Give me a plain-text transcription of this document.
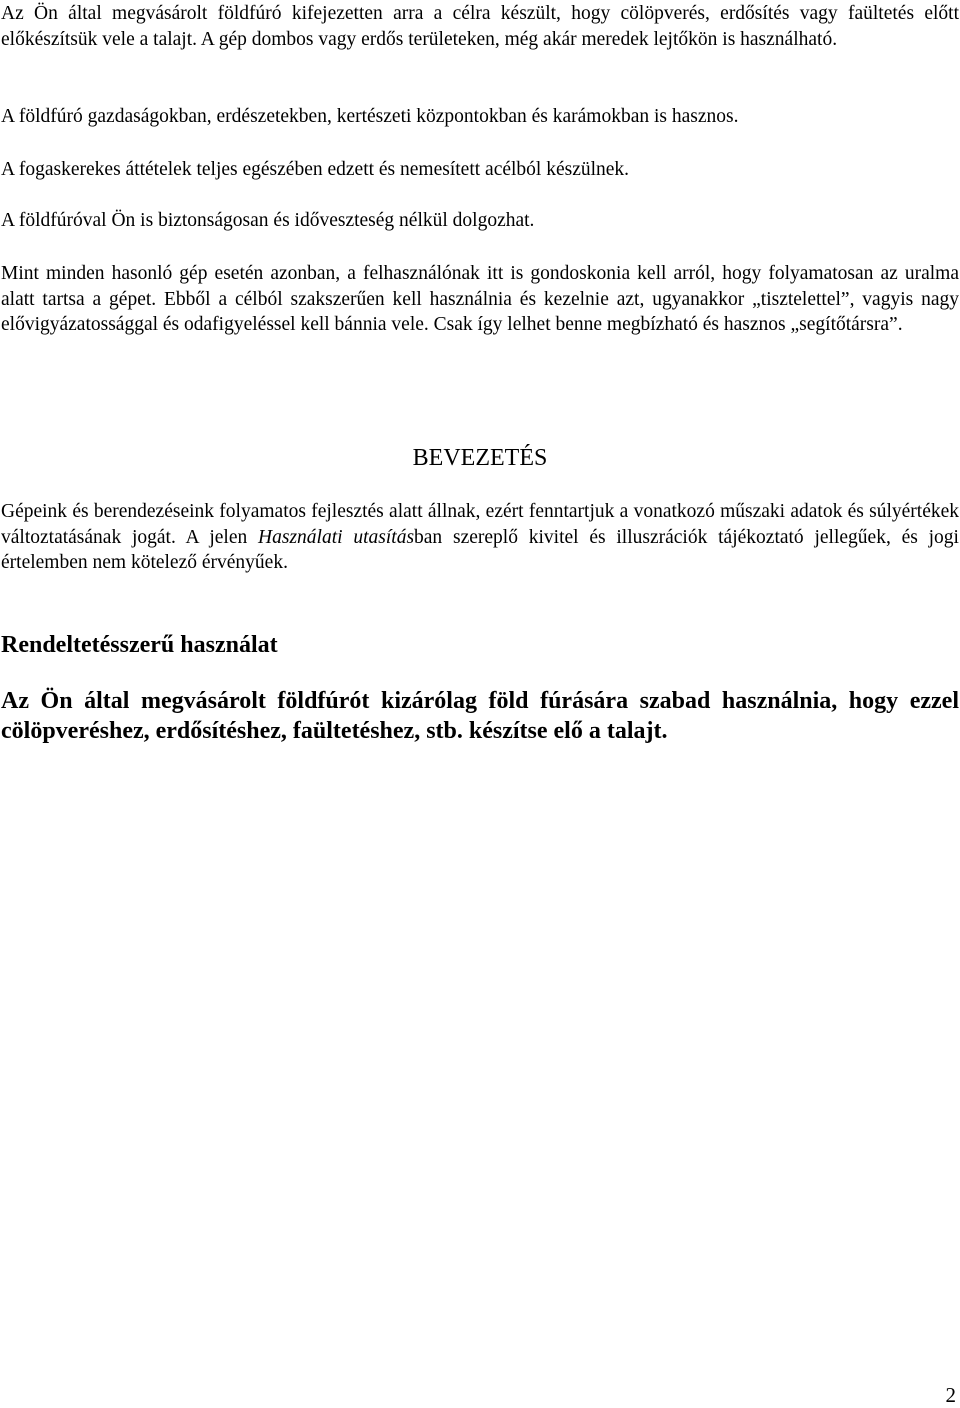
Az Ön által megvásárolt földfúró kifejezetten arra a célra készült, hogy cölöpverés, erdősítés vagy faültetés előtt előkészítsük vele a talajt. A gép dombos vagy erdős területeken, még akár meredek lejtőkön is használható.

A földfúró gazdaságokban, erdészetekben, kertészeti központokban és karámokban is hasznos.

A fogaskerekes áttételek teljes egészében edzett és nemesített acélból készülnek.

A földfúróval Ön is biztonságosan és időveszteség nélkül dolgozhat.

Mint minden hasonló gép esetén azonban, a felhasználónak itt is gondoskonia kell arról, hogy folyamatosan az uralma alatt tartsa a gépet. Ebből a célból szakszerűen kell használnia és kezelnie azt, ugyanakkor „tisztelettel”, vagyis nagy elővigyázatossággal és odafigyeléssel kell bánnia vele. Csak így lelhet benne megbízható és hasznos „segítőtársra”.

BEVEZETÉS

Gépeink és berendezéseink folyamatos fejlesztés alatt állnak, ezért fenntartjuk a vonatkozó műszaki adatok és súlyértékek változtatásának jogát. A jelen Használati utasításban szereplő kivitel és illuszrációk tájékoztató jellegűek, és jogi értelemben nem kötelező érvényűek.

Rendeltetésszerű használat

Az Ön által megvásárolt földfúrót kizárólag föld fúrására szabad használnia, hogy ezzel cölöpveréshez, erdősítéshez, faültetéshez, stb. készítse elő a talajt.

2
